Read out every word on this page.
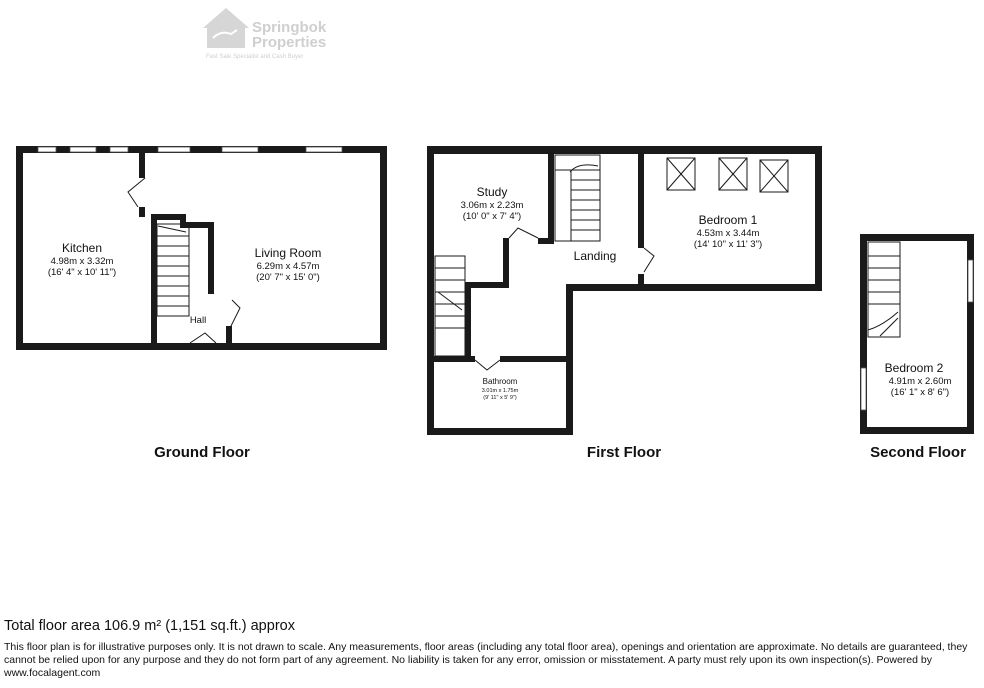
Springbok
Properties
Fast Sale Specialist and Cash Buyer
Kitchen
4.98m x 3.32m
(16' 4" x 10' 11")
Living Room
6.29m x 4.57m
(20' 7" x 15' 0")
Hall
Ground Floor
Study
3.06m x 2.23m
(10' 0" x 7' 4")	Bedroom 1
4.53m x 3.44m
(14' 10" x 11' 3")
Landing
Bathroom
3.01m x 1.75m
(9' 11" x 5' 9")
First Floor
Bedroom 2
4.91m x 2.60m
(16' 1" x 8' 6")
Second Floor

Total floor area 106.9 m² (1,151 sq.ft.) approx

This floor plan is for illustrative purposes only. It is not drawn to scale. Any measurements, floor areas (including any total floor area), openings and orientation are approximate. No details are guaranteed, they cannot be relied upon for any purpose and they do not form part of any agreement. No liability is taken for any error, omission or misstatement. A party must rely upon its own inspection(s). Powered by www.focalagent.com
